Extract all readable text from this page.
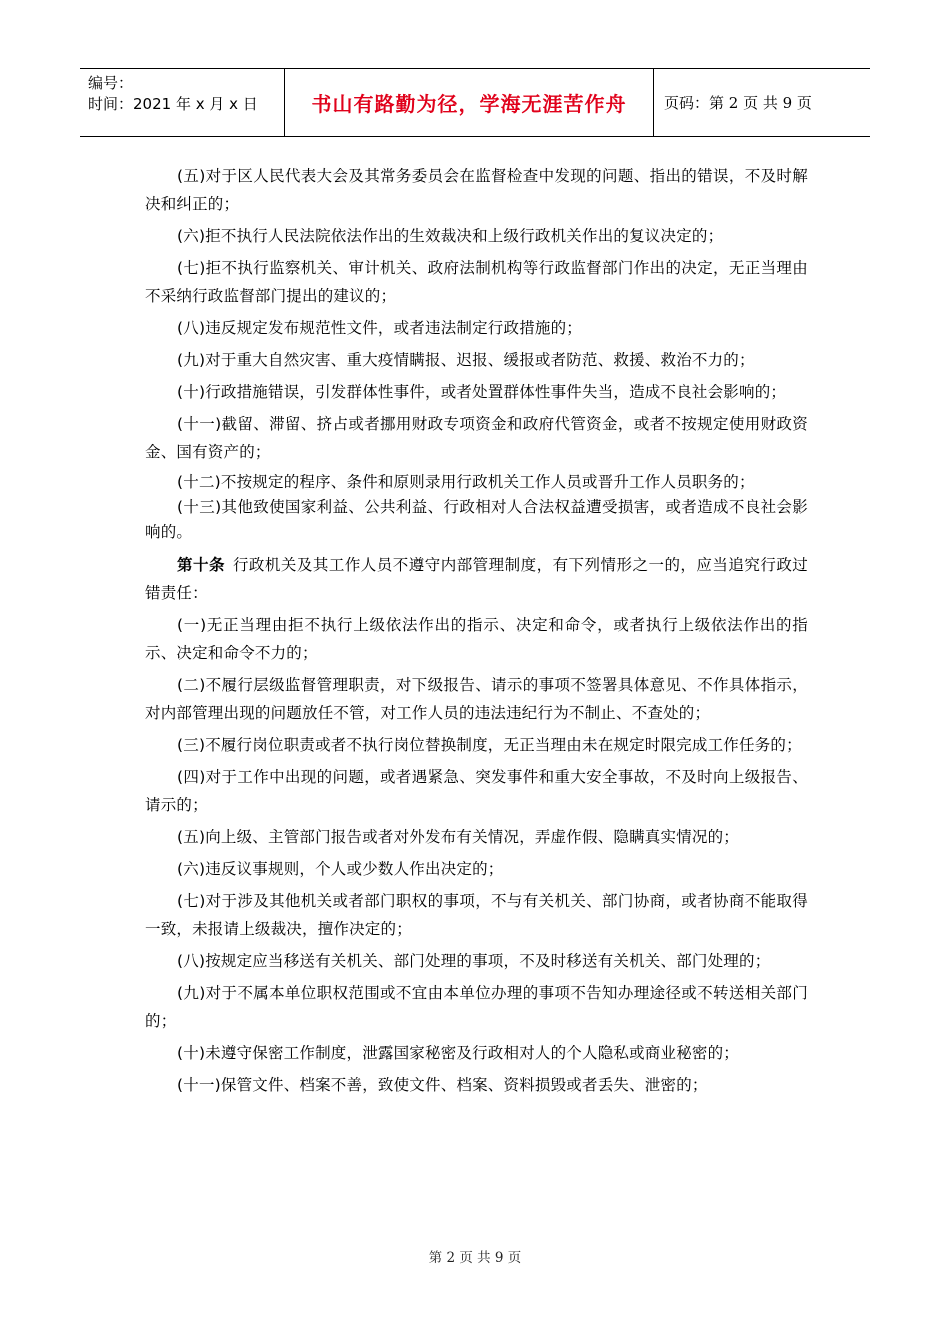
编号：
时间：2021 年 x 月 x 日	书山有路勤为径，学海无涯苦作舟	页码：第 2 页 共 9 页

(五)对于区人民代表大会及其常务委员会在监督检查中发现的问题、指出的错误，不及时解决和纠正的；

(六)拒不执行人民法院依法作出的生效裁决和上级行政机关作出的复议决定的；

(七)拒不执行监察机关、审计机关、政府法制机构等行政监督部门作出的决定，无正当理由不采纳行政监督部门提出的建议的；

(八)违反规定发布规范性文件，或者违法制定行政措施的；

(九)对于重大自然灾害、重大疫情瞒报、迟报、缓报或者防范、救援、救治不力的；

(十)行政措施错误，引发群体性事件，或者处置群体性事件失当，造成不良社会影响的；

(十一)截留、滞留、挤占或者挪用财政专项资金和政府代管资金，或者不按规定使用财政资金、国有资产的；

(十二)不按规定的程序、条件和原则录用行政机关工作人员或晋升工作人员职务的；

(十三)其他致使国家利益、公共利益、行政相对人合法权益遭受损害，或者造成不良社会影响的。

第十条 行政机关及其工作人员不遵守内部管理制度，有下列情形之一的，应当追究行政过错责任：

(一)无正当理由拒不执行上级依法作出的指示、决定和命令，或者执行上级依法作出的指示、决定和命令不力的；

(二)不履行层级监督管理职责，对下级报告、请示的事项不签署具体意见、不作具体指示，对内部管理出现的问题放任不管，对工作人员的违法违纪行为不制止、不查处的；

(三)不履行岗位职责或者不执行岗位替换制度，无正当理由未在规定时限完成工作任务的；

(四)对于工作中出现的问题，或者遇紧急、突发事件和重大安全事故，不及时向上级报告、请示的；

(五)向上级、主管部门报告或者对外发布有关情况，弄虚作假、隐瞒真实情况的；

(六)违反议事规则，个人或少数人作出决定的；

(七)对于涉及其他机关或者部门职权的事项，不与有关机关、部门协商，或者协商不能取得一致，未报请上级裁决，擅作决定的；

(八)按规定应当移送有关机关、部门处理的事项，不及时移送有关机关、部门处理的；

(九)对于不属本单位职权范围或不宜由本单位办理的事项不告知办理途径或不转送相关部门的；

(十)未遵守保密工作制度，泄露国家秘密及行政相对人的个人隐私或商业秘密的；

(十一)保管文件、档案不善，致使文件、档案、资料损毁或者丢失、泄密的；

第 2 页 共 9 页
